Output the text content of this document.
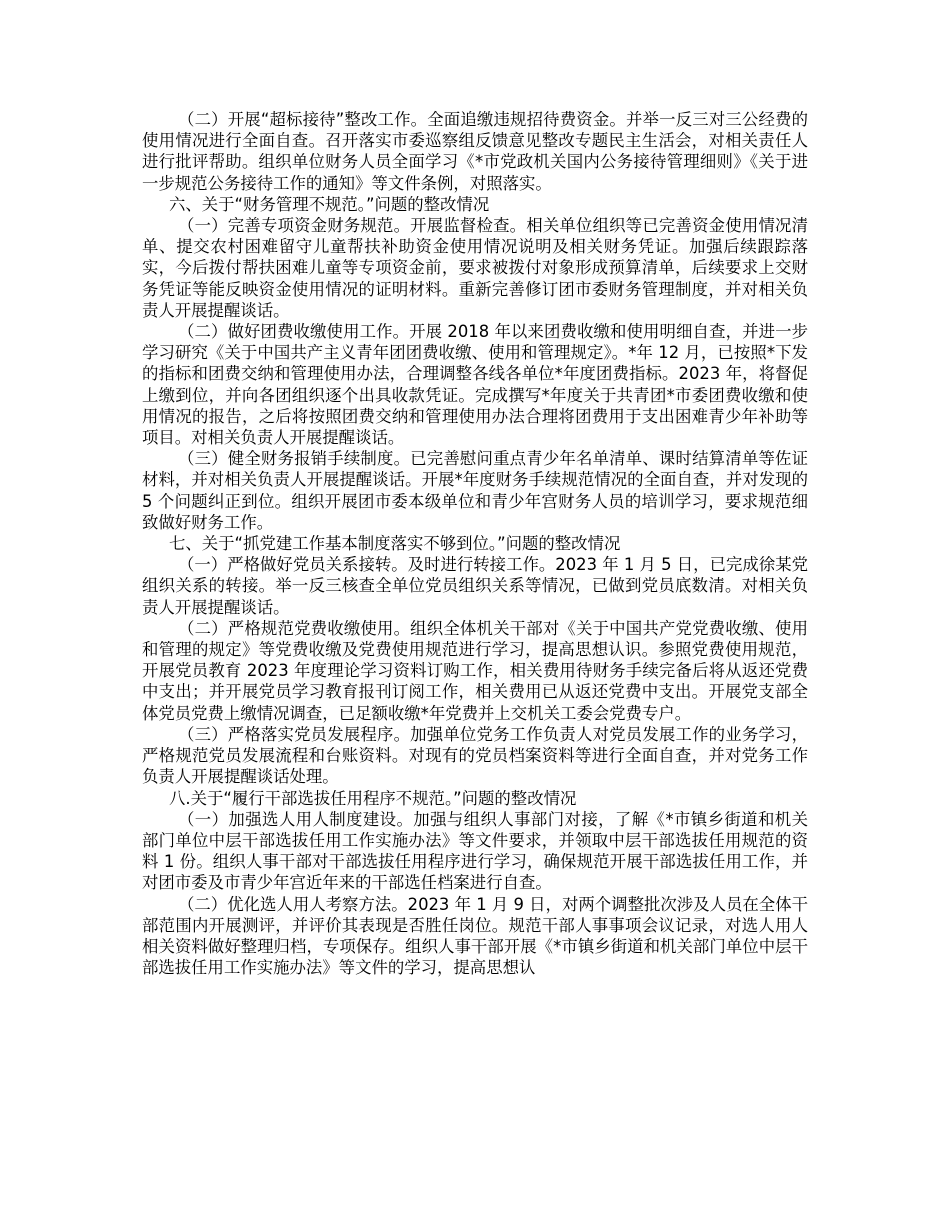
（二）开展“超标接待”整改工作。全面追缴违规招待费资金。并举一反三对三公经费的使用情况进行全面自查。召开落实市委巡察组反馈意见整改专题民主生活会，对相关责任人进行批评帮助。组织单位财务人员全面学习《*市党政机关国内公务接待管理细则》《关于进一步规范公务接待工作的通知》等文件条例，对照落实。

六、关于“财务管理不规范。”问题的整改情况

（一）完善专项资金财务规范。开展监督检查。相关单位组织等已完善资金使用情况清单、提交农村困难留守儿童帮扶补助资金使用情况说明及相关财务凭证。加强后续跟踪落实，今后拨付帮扶困难儿童等专项资金前，要求被拨付对象形成预算清单，后续要求上交财务凭证等能反映资金使用情况的证明材料。重新完善修订团市委财务管理制度，并对相关负责人开展提醒谈话。

（二）做好团费收缴使用工作。开展 2018 年以来团费收缴和使用明细自查，并进一步学习研究《关于中国共产主义青年团团费收缴、使用和管理规定》。*年 12 月，已按照*下发的指标和团费交纳和管理使用办法，合理调整各线各单位*年度团费指标。2023 年，将督促上缴到位，并向各团组织逐个出具收款凭证。完成撰写*年度关于共青团*市委团费收缴和使用情况的报告，之后将按照团费交纳和管理使用办法合理将团费用于支出困难青少年补助等项目。对相关负责人开展提醒谈话。

（三）健全财务报销手续制度。已完善慰问重点青少年名单清单、课时结算清单等佐证材料，并对相关负责人开展提醒谈话。开展*年度财务手续规范情况的全面自查，并对发现的 5 个问题纠正到位。组织开展团市委本级单位和青少年宫财务人员的培训学习，要求规范细致做好财务工作。

七、关于“抓党建工作基本制度落实不够到位。”问题的整改情况

（一）严格做好党员关系接转。及时进行转接工作。2023 年 1 月 5 日，已完成徐某党组织关系的转接。举一反三核查全单位党员组织关系等情况，已做到党员底数清。对相关负责人开展提醒谈话。

（二）严格规范党费收缴使用。组织全体机关干部对《关于中国共产党党费收缴、使用和管理的规定》等党费收缴及党费使用规范进行学习，提高思想认识。参照党费使用规范，开展党员教育 2023 年度理论学习资料订购工作，相关费用待财务手续完备后将从返还党费中支出；并开展党员学习教育报刊订阅工作，相关费用已从返还党费中支出。开展党支部全体党员党费上缴情况调查，已足额收缴*年党费并上交机关工委会党费专户。

（三）严格落实党员发展程序。加强单位党务工作负责人对党员发展工作的业务学习，严格规范党员发展流程和台账资料。对现有的党员档案资料等进行全面自查，并对党务工作负责人开展提醒谈话处理。

八.关于“履行干部选拔任用程序不规范。”问题的整改情况

（一）加强选人用人制度建设。加强与组织人事部门对接，了解《*市镇乡街道和机关部门单位中层干部选拔任用工作实施办法》等文件要求，并领取中层干部选拔任用规范的资料 1 份。组织人事干部对干部选拔任用程序进行学习，确保规范开展干部选拔任用工作，并对团市委及市青少年宫近年来的干部选任档案进行自查。

（二）优化选人用人考察方法。2023 年 1 月 9 日，对两个调整批次涉及人员在全体干部范围内开展测评，并评价其表现是否胜任岗位。规范干部人事事项会议记录，对选人用人相关资料做好整理归档，专项保存。组织人事干部开展《*市镇乡街道和机关部门单位中层干部选拔任用工作实施办法》等文件的学习，提高思想认
